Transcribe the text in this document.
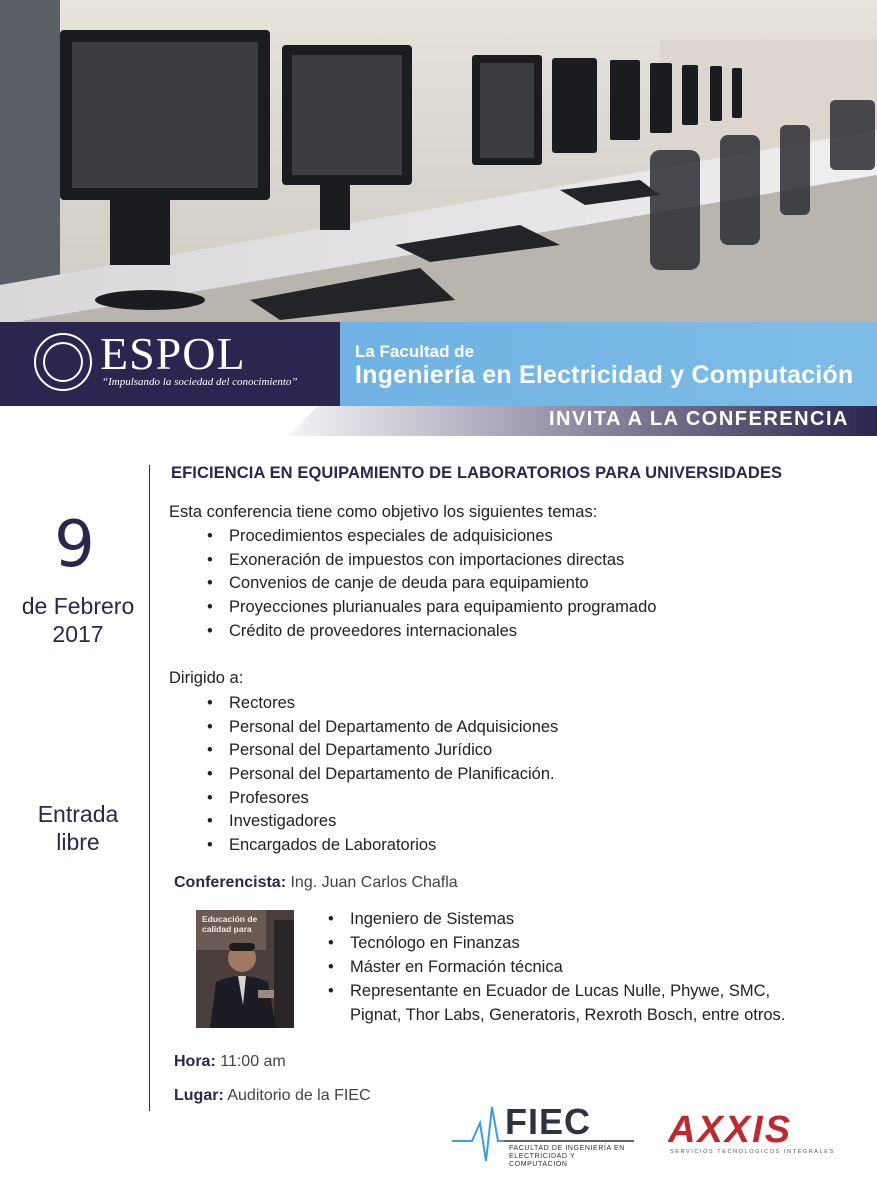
ESPOL
“Impulsando la sociedad del conocimiento”
La Facultad de
Ingeniería en Electricidad y Computación
INVITA A LA CONFERENCIA
9
de Febrero
2017
Entrada
libre
EFICIENCIA EN EQUIPAMIENTO DE LABORATORIOS PARA UNIVERSIDADES
Esta conferencia tiene como objetivo los siguientes temas:
• Procedimientos especiales de adquisiciones
• Exoneración de impuestos con importaciones directas
• Convenios de canje de deuda para equipamiento
• Proyecciones plurianuales para equipamiento programado
• Crédito de proveedores internacionales
Dirigido a:
• Rectores
• Personal del Departamento de Adquisiciones
• Personal del Departamento Jurídico
• Personal del Departamento de Planificación.
• Profesores
• Investigadores
• Encargados de Laboratorios
Conferencista: Ing. Juan Carlos Chafla
Educación de calidad para
• Ingeniero de Sistemas
• Tecnólogo en Finanzas
• Máster en Formación técnica
• Representante en Ecuador de Lucas Nulle, Phywe, SMC,
Pignat, Thor Labs, Generatoris, Rexroth Bosch, entre otros.
Hora: 11:00 am
Lugar: Auditorio de la FIEC
FIEC
FACULTAD DE INGENIERÍA EN ELECTRICIDAD Y COMPUTACIÓN
AXXIS
SERVICIOS TECNOLOGICOS INTEGRALES
